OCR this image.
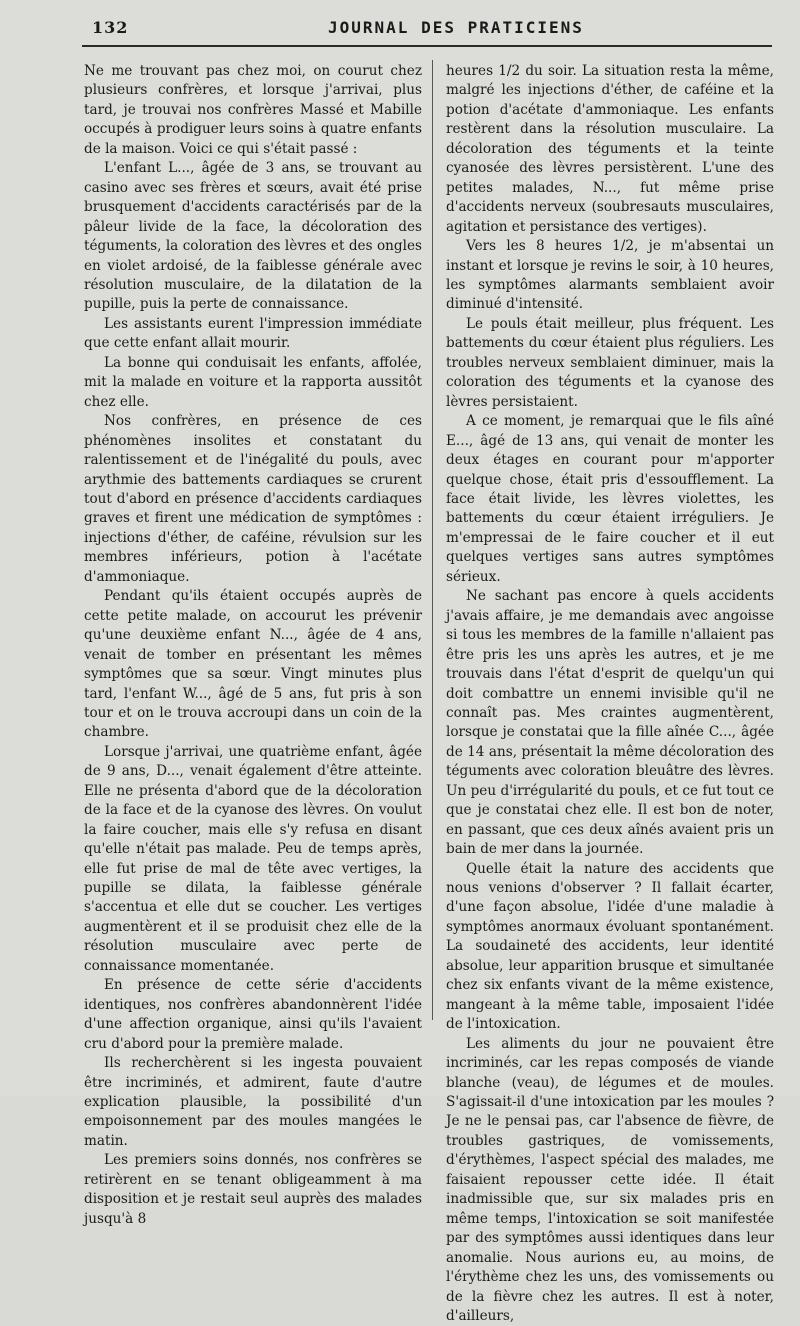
132	JOURNAL DES PRATICIENS

Ne me trouvant pas chez moi, on courut chez plusieurs confrères, et lorsque j'arrivai, plus tard, je trouvai nos confrères Massé et Mabille occupés à prodiguer leurs soins à quatre enfants de la maison. Voici ce qui s'était passé :

L'enfant L..., âgée de 3 ans, se trouvant au casino avec ses frères et sœurs, avait été prise brusquement d'accidents caractérisés par de la pâleur livide de la face, la décoloration des téguments, la coloration des lèvres et des ongles en violet ardoisé, de la faiblesse générale avec résolution musculaire, de la dilatation de la pupille, puis la perte de connaissance.

Les assistants eurent l'impression immédiate que cette enfant allait mourir.

La bonne qui conduisait les enfants, affolée, mit la malade en voiture et la rapporta aussitôt chez elle.

Nos confrères, en présence de ces phénomènes insolites et constatant du ralentissement et de l'inégalité du pouls, avec arythmie des battements cardiaques se crurent tout d'abord en présence d'accidents cardiaques graves et firent une médication de symptômes : injections d'éther, de caféine, révulsion sur les membres inférieurs, potion à l'acétate d'ammoniaque.

Pendant qu'ils étaient occupés auprès de cette petite malade, on accourut les prévenir qu'une deuxième enfant N..., âgée de 4 ans, venait de tomber en présentant les mêmes symptômes que sa sœur. Vingt minutes plus tard, l'enfant W..., âgé de 5 ans, fut pris à son tour et on le trouva accroupi dans un coin de la chambre.

Lorsque j'arrivai, une quatrième enfant, âgée de 9 ans, D..., venait également d'être atteinte. Elle ne présenta d'abord que de la décoloration de la face et de la cyanose des lèvres. On voulut la faire coucher, mais elle s'y refusa en disant qu'elle n'était pas malade. Peu de temps après, elle fut prise de mal de tête avec vertiges, la pupille se dilata, la faiblesse générale s'accentua et elle dut se coucher. Les vertiges augmentèrent et il se produisit chez elle de la résolution musculaire avec perte de connaissance momentanée.

En présence de cette série d'accidents identiques, nos confrères abandonnèrent l'idée d'une affection organique, ainsi qu'ils l'avaient cru d'abord pour la première malade.

Ils recherchèrent si les ingesta pouvaient être incriminés, et admirent, faute d'autre explication plausible, la possibilité d'un empoisonnement par des moules mangées le matin.

Les premiers soins donnés, nos confrères se retirèrent en se tenant obligeamment à ma disposition et je restait seul auprès des malades jusqu'à 8

heures 1/2 du soir. La situation resta la même, malgré les injections d'éther, de caféine et la potion d'acétate d'ammoniaque. Les enfants restèrent dans la résolution musculaire. La décoloration des téguments et la teinte cyanosée des lèvres persistèrent. L'une des petites malades, N..., fut même prise d'accidents nerveux (soubresauts musculaires, agitation et persistance des vertiges).

Vers les 8 heures 1/2, je m'absentai un instant et lorsque je revins le soir, à 10 heures, les symptômes alarmants semblaient avoir diminué d'intensité.

Le pouls était meilleur, plus fréquent. Les battements du cœur étaient plus réguliers. Les troubles nerveux semblaient diminuer, mais la coloration des téguments et la cyanose des lèvres persistaient.

A ce moment, je remarquai que le fils aîné E..., âgé de 13 ans, qui venait de monter les deux étages en courant pour m'apporter quelque chose, était pris d'essoufflement. La face était livide, les lèvres violettes, les battements du cœur étaient irréguliers. Je m'empressai de le faire coucher et il eut quelques vertiges sans autres symptômes sérieux.

Ne sachant pas encore à quels accidents j'avais affaire, je me demandais avec angoisse si tous les membres de la famille n'allaient pas être pris les uns après les autres, et je me trouvais dans l'état d'esprit de quelqu'un qui doit combattre un ennemi invisible qu'il ne connaît pas. Mes craintes augmentèrent, lorsque je constatai que la fille aînée C..., âgée de 14 ans, présentait la même décoloration des téguments avec coloration bleuâtre des lèvres. Un peu d'irrégularité du pouls, et ce fut tout ce que je constatai chez elle. Il est bon de noter, en passant, que ces deux aînés avaient pris un bain de mer dans la journée.

Quelle était la nature des accidents que nous venions d'observer ? Il fallait écarter, d'une façon absolue, l'idée d'une maladie à symptômes anormaux évoluant spontanément. La soudaineté des accidents, leur identité absolue, leur apparition brusque et simultanée chez six enfants vivant de la même existence, mangeant à la même table, imposaient l'idée de l'intoxication.

Les aliments du jour ne pouvaient être incriminés, car les repas composés de viande blanche (veau), de légumes et de moules. S'agissait-il d'une intoxication par les moules ? Je ne le pensai pas, car l'absence de fièvre, de troubles gastriques, de vomissements, d'érythèmes, l'aspect spécial des malades, me faisaient repousser cette idée. Il était inadmissible que, sur six malades pris en même temps, l'intoxication se soit manifestée par des symptômes aussi identiques dans leur anomalie. Nous aurions eu, au moins, de l'érythème chez les uns, des vomissements ou de la fièvre chez les autres. Il est à noter, d'ailleurs,
